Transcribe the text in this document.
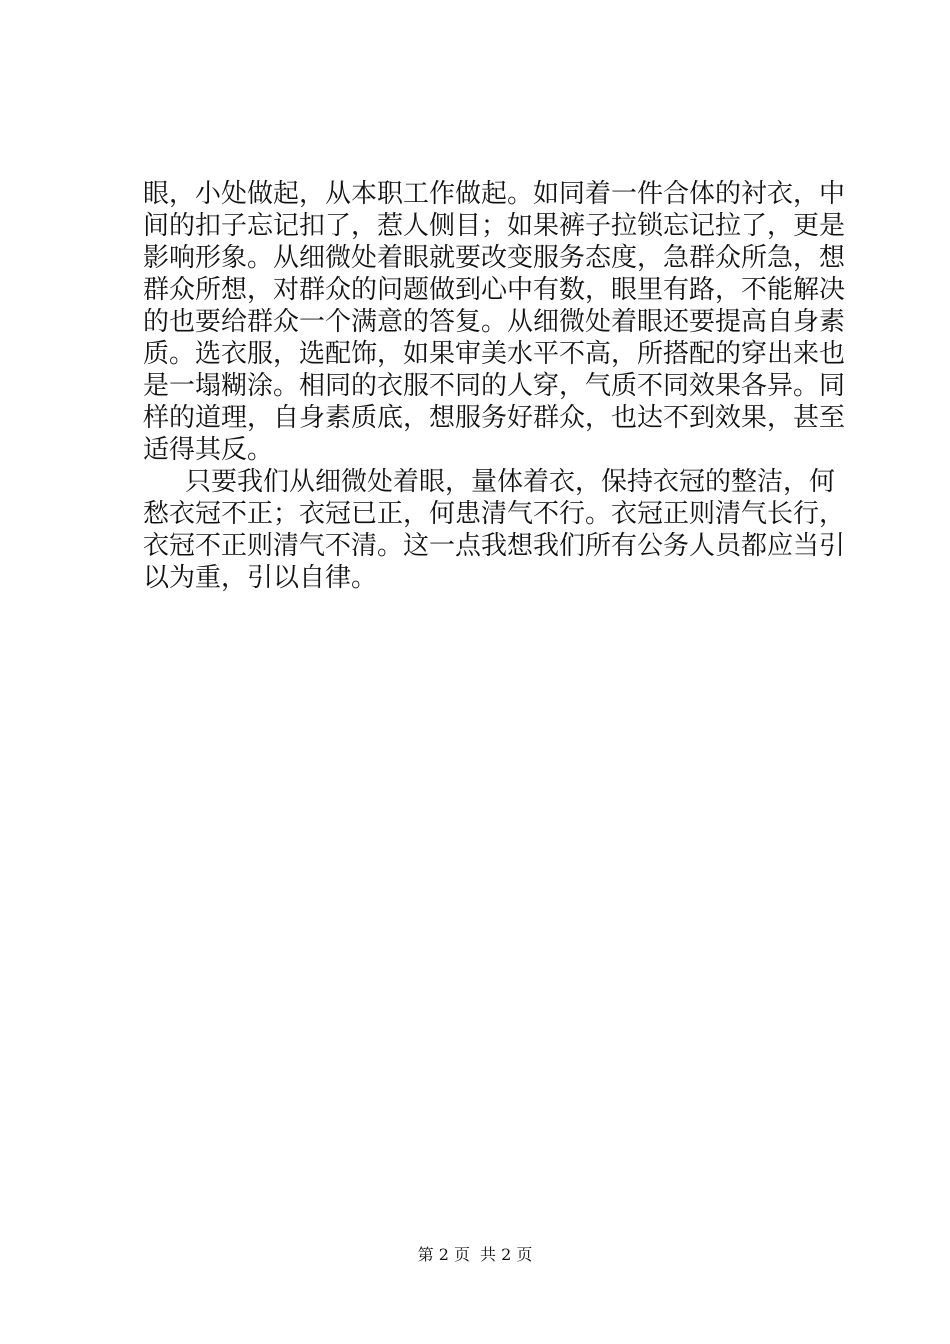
眼，小处做起，从本职工作做起。如同着一件合体的衬衣，中
间的扣子忘记扣了，惹人侧目；如果裤子拉锁忘记拉了，更是
影响形象。从细微处着眼就要改变服务态度，急群众所急，想
群众所想，对群众的问题做到心中有数，眼里有路，不能解决
的也要给群众一个满意的答复。从细微处着眼还要提高自身素
质。选衣服，选配饰，如果审美水平不高，所搭配的穿出来也
是一塌糊涂。相同的衣服不同的人穿，气质不同效果各异。同
样的道理，自身素质底，想服务好群众，也达不到效果，甚至
适得其反。
只要我们从细微处着眼，量体着衣，保持衣冠的整洁，何
愁衣冠不正；衣冠已正，何患清气不行。衣冠正则清气长行，
衣冠不正则清气不清。这一点我想我们所有公务人员都应当引
以为重，引以自律。
第 2 页 共 2 页
